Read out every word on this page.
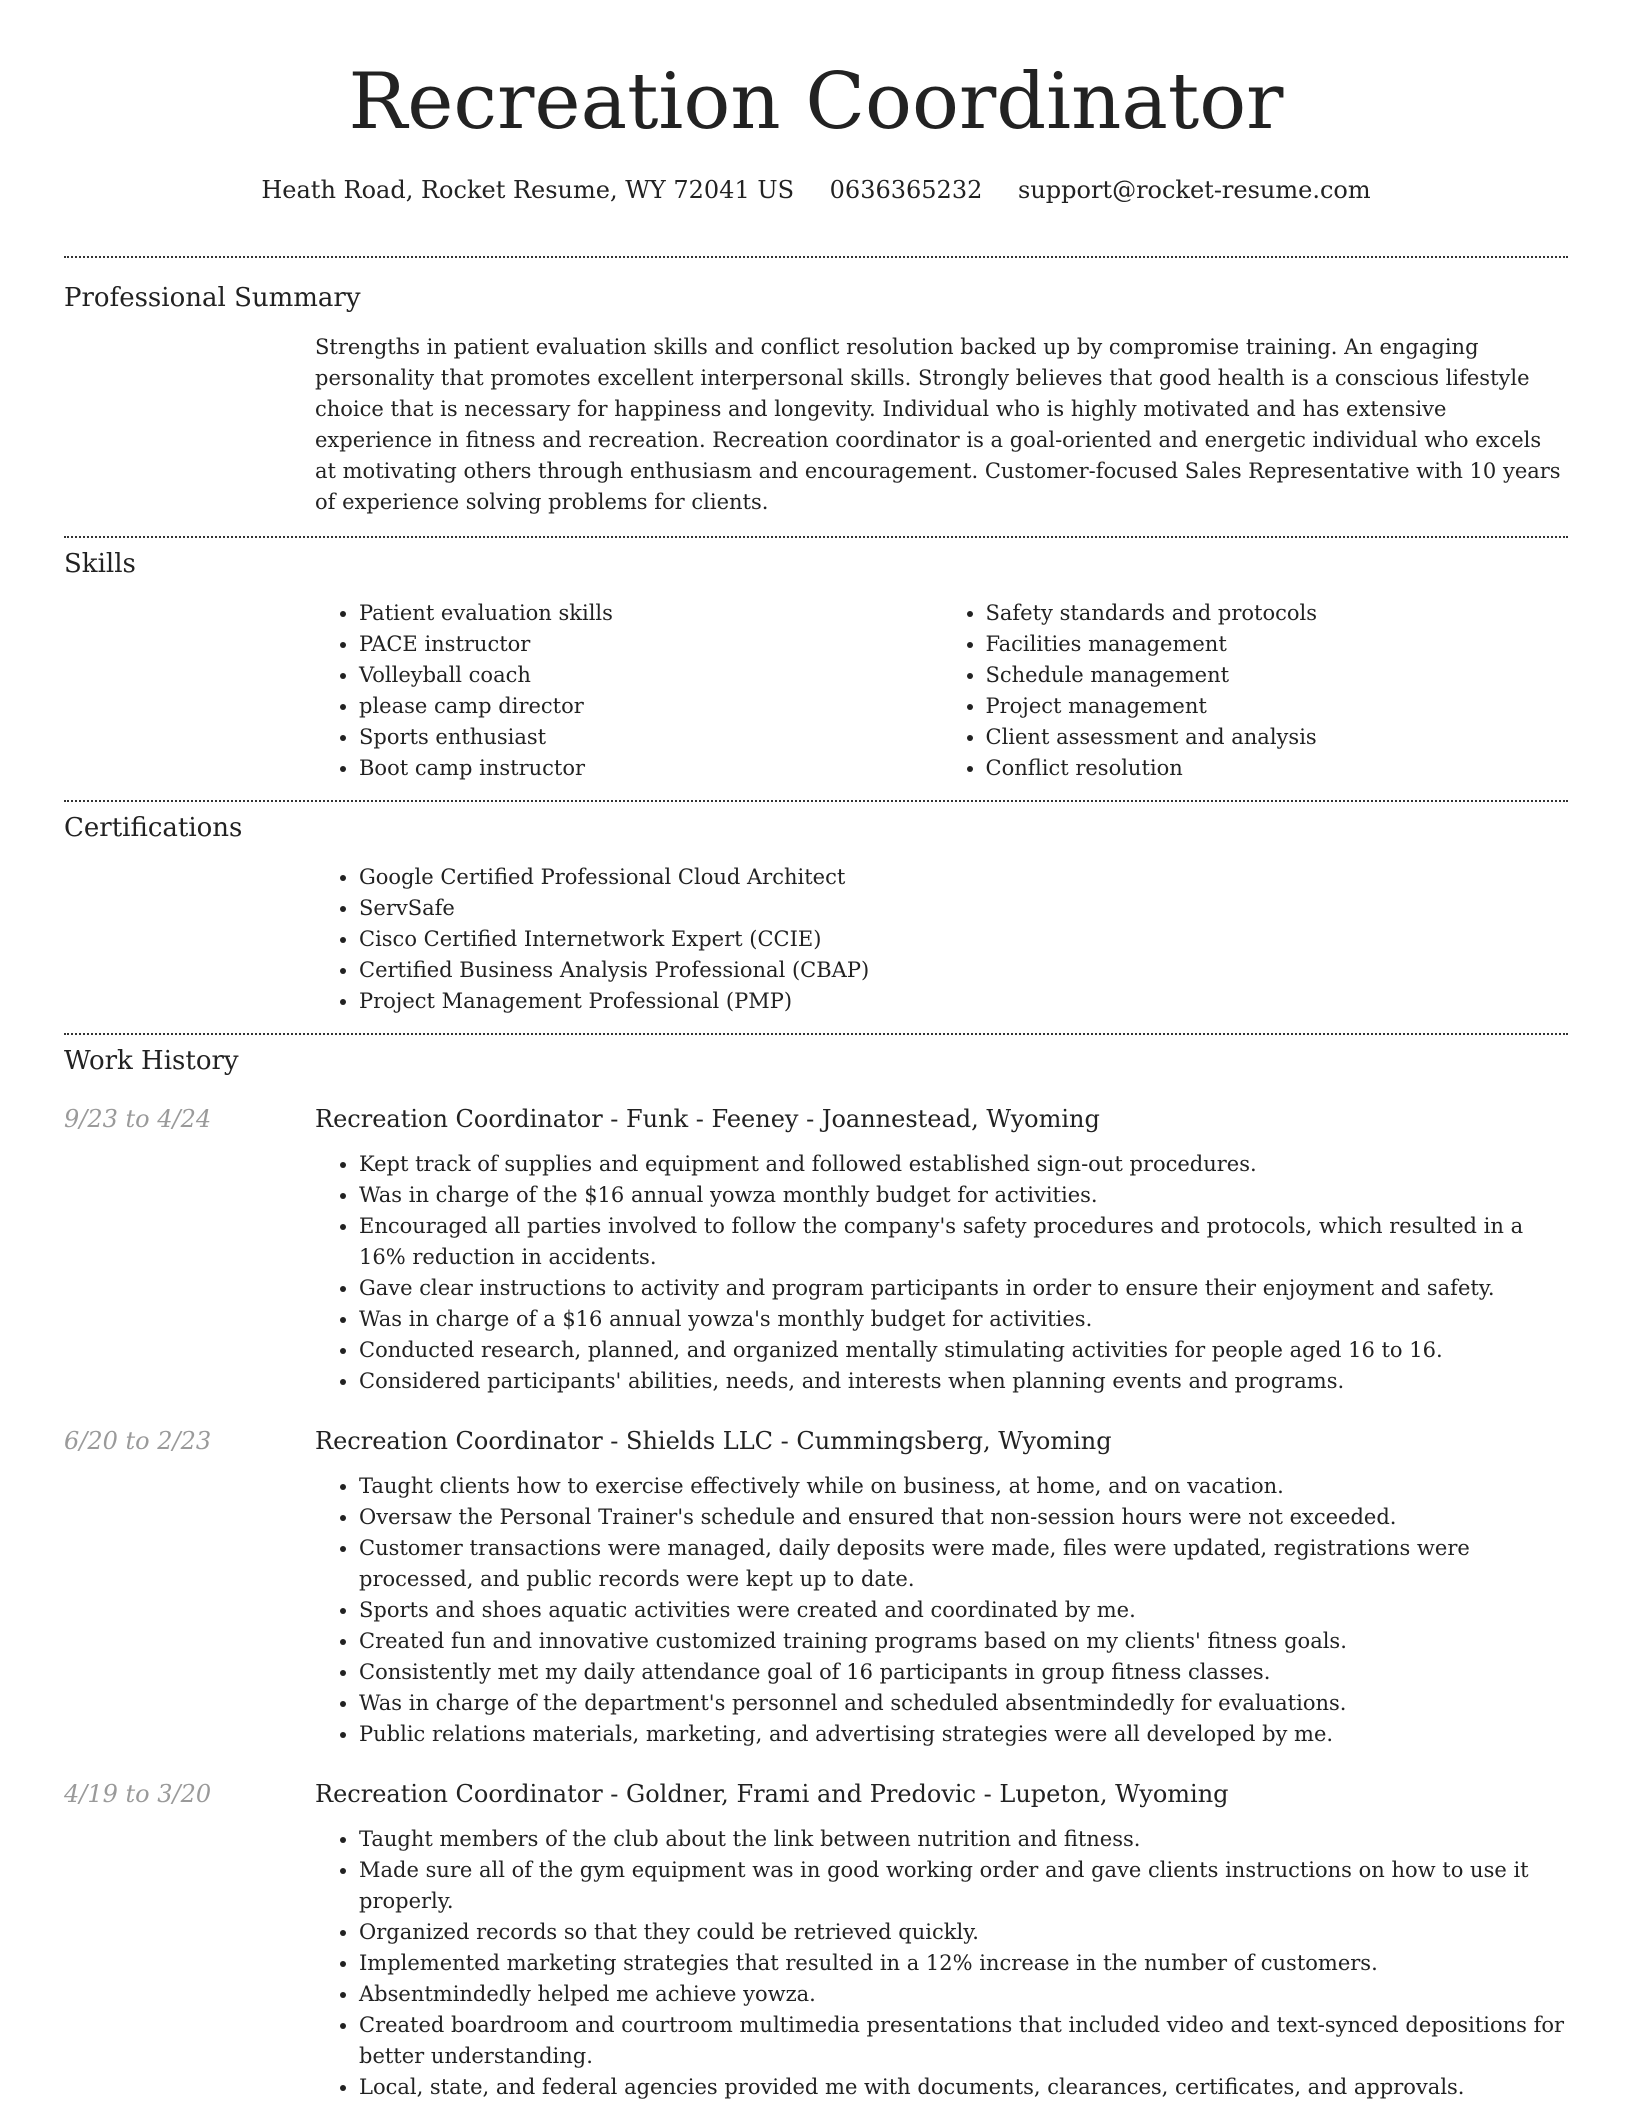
Recreation Coordinator
Heath Road, Rocket Resume, WY 72041 US 0636365232 support@rocket-resume.com
Professional Summary

Strengths in patient evaluation skills and conflict resolution backed up by compromise training. An engaging personality that promotes excellent interpersonal skills. Strongly believes that good health is a conscious lifestyle choice that is necessary for happiness and longevity. Individual who is highly motivated and has extensive experience in fitness and recreation. Recreation coordinator is a goal-oriented and energetic individual who excels at motivating others through enthusiasm and encouragement. Customer-focused Sales Representative with 10 years of experience solving problems for clients.

Skills
• Patient evaluation skills
• PACE instructor
• Volleyball coach
• please camp director
• Sports enthusiast
• Boot camp instructor
• Safety standards and protocols
• Facilities management
• Schedule management
• Project management
• Client assessment and analysis
• Conflict resolution
Certifications
• Google Certified Professional Cloud Architect
• ServSafe
• Cisco Certified Internetwork Expert (CCIE)
• Certified Business Analysis Professional (CBAP)
• Project Management Professional (PMP)
Work History
9/23 to 4/24	Recreation Coordinator - Funk - Feeney - Joannestead, Wyoming
• Kept track of supplies and equipment and followed established sign-out procedures.
• Was in charge of the $16 annual yowza monthly budget for activities.
• Encouraged all parties involved to follow the company's safety procedures and protocols, which resulted in a 16% reduction in accidents.
• Gave clear instructions to activity and program participants in order to ensure their enjoyment and safety.
• Was in charge of a $16 annual yowza's monthly budget for activities.
• Conducted research, planned, and organized mentally stimulating activities for people aged 16 to 16.
• Considered participants' abilities, needs, and interests when planning events and programs.
6/20 to 2/23	Recreation Coordinator - Shields LLC - Cummingsberg, Wyoming
• Taught clients how to exercise effectively while on business, at home, and on vacation.
• Oversaw the Personal Trainer's schedule and ensured that non-session hours were not exceeded.
• Customer transactions were managed, daily deposits were made, files were updated, registrations were processed, and public records were kept up to date.
• Sports and shoes aquatic activities were created and coordinated by me.
• Created fun and innovative customized training programs based on my clients' fitness goals.
• Consistently met my daily attendance goal of 16 participants in group fitness classes.
• Was in charge of the department's personnel and scheduled absentmindedly for evaluations.
• Public relations materials, marketing, and advertising strategies were all developed by me.
4/19 to 3/20	Recreation Coordinator - Goldner, Frami and Predovic - Lupeton, Wyoming
• Taught members of the club about the link between nutrition and fitness.
• Made sure all of the gym equipment was in good working order and gave clients instructions on how to use it properly.
• Organized records so that they could be retrieved quickly.
• Implemented marketing strategies that resulted in a 12% increase in the number of customers.
• Absentmindedly helped me achieve yowza.
• Created boardroom and courtroom multimedia presentations that included video and text-synced depositions for better understanding.
• Local, state, and federal agencies provided me with documents, clearances, certificates, and approvals.
